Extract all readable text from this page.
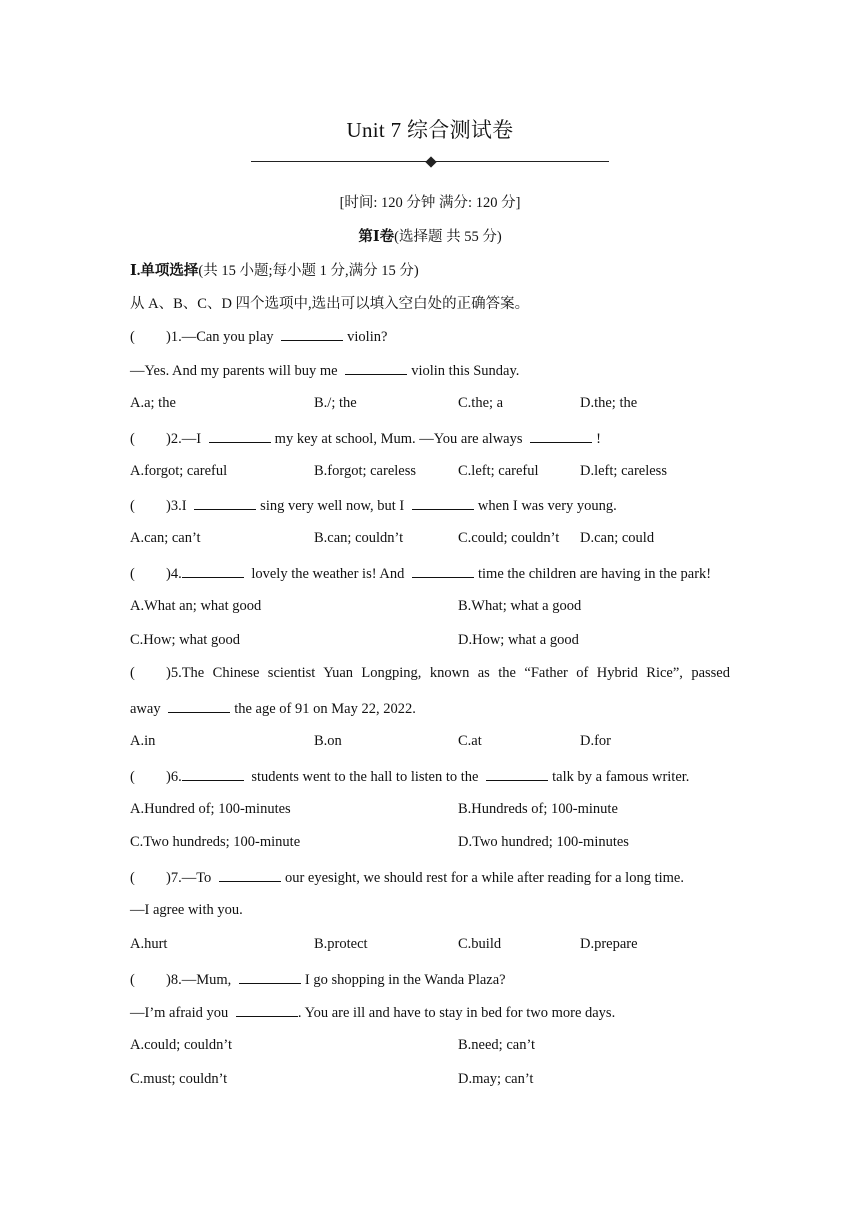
Unit 7 综合测试卷
[时间: 120 分钟 满分: 120 分]
第Ⅰ卷(选择题 共 55 分)
Ⅰ.单项选择(共 15 小题;每小题 1 分,满分 15 分)
从 A、B、C、D 四个选项中,选出可以填入空白处的正确答案。
( )1.—Can you play	violin?
—Yes. And my parents will buy me	violin this Sunday.
A.a; the	B./; the	C.the; a	D.the; the
( )2.—I	my key at school, Mum. —You are always	!
A.forgot; careful	B.forgot; careless	C.left; careful	D.left; careless
( )3.I	sing very well now, but I	when I was very young.
A.can; can’t	B.can; couldn’t	C.could; couldn’t D.can; could
( )4.	lovely the weather is! And	time the children are having in the park!
A.What an; what good	B.What; what a good
C.How; what good	D.How; what a good
( )5.The Chinese scientist Yuan Longping, known as the “Father of Hybrid Rice”, passed
away	the age of 91 on May 22, 2022.
A.in	B.on	C.at	D.for
( )6.	students went to the hall to listen to the	talk by a famous writer.
A.Hundred of; 100-minutes	B.Hundreds of; 100-minute
C.Two hundreds; 100-minute	D.Two hundred; 100-minutes
( )7.—To	our eyesight, we should rest for a while after reading for a long time.
—I agree with you.
A.hurt	B.protect	C.build	D.prepare
( )8.—Mum,	I go shopping in the Wanda Plaza?
—I’m afraid you	. You are ill and have to stay in bed for two more days.
A.could; couldn’t	B.need; can’t
C.must; couldn’t	D.may; can’t
